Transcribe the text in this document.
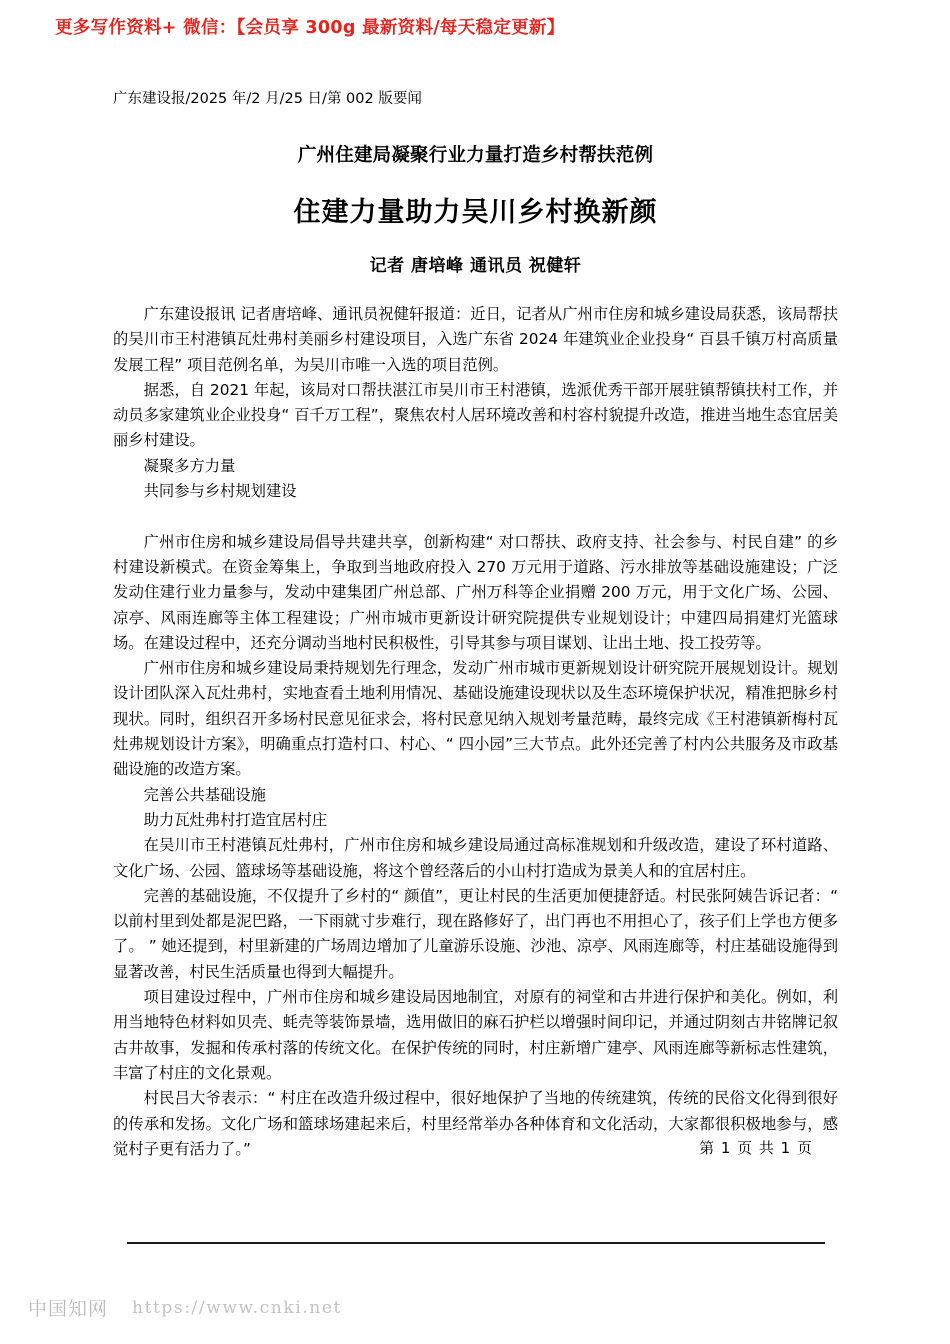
更多写作资料+ 微信：【会员享 300g 最新资料/每天稳定更新】
广东建设报/2025 年/2 月/25 日/第 002 版要闻
广州住建局凝聚行业力量打造乡村帮扶范例
住建力量助力吴川乡村换新颜
记者 唐培峰 通讯员 祝健轩

广东建设报讯 记者唐培峰、通讯员祝健轩报道：近日，记者从广州市住房和城乡建设局获悉，该局帮扶的吴川市王村港镇瓦灶弗村美丽乡村建设项目，入选广东省 2024 年建筑业企业投身“ 百县千镇万村高质量发展工程” 项目范例名单，为吴川市唯一入选的项目范例。

据悉，自 2021 年起，该局对口帮扶湛江市吴川市王村港镇，选派优秀干部开展驻镇帮镇扶村工作，并动员多家建筑业企业投身“ 百千万工程”，聚焦农村人居环境改善和村容村貌提升改造，推进当地生态宜居美丽乡村建设。

凝聚多方力量

共同参与乡村规划建设

广州市住房和城乡建设局倡导共建共享，创新构建“ 对口帮扶、政府支持、社会参与、村民自建” 的乡村建设新模式。在资金筹集上，争取到当地政府投入 270 万元用于道路、污水排放等基础设施建设；广泛发动住建行业力量参与，发动中建集团广州总部、广州万科等企业捐赠 200 万元，用于文化广场、公园、凉亭、风雨连廊等主体工程建设；广州市城市更新设计研究院提供专业规划设计；中建四局捐建灯光篮球场。在建设过程中，还充分调动当地村民积极性，引导其参与项目谋划、让出土地、投工投劳等。

广州市住房和城乡建设局秉持规划先行理念，发动广州市城市更新规划设计研究院开展规划设计。规划设计团队深入瓦灶弗村，实地查看土地利用情况、基础设施建设现状以及生态环境保护状况，精准把脉乡村现状。同时，组织召开多场村民意见征求会，将村民意见纳入规划考量范畴，最终完成《王村港镇新梅村瓦灶弗规划设计方案》，明确重点打造村口、村心、“ 四小园”三大节点。此外还完善了村内公共服务及市政基础设施的改造方案。

完善公共基础设施

助力瓦灶弗村打造宜居村庄

在吴川市王村港镇瓦灶弗村，广州市住房和城乡建设局通过高标准规划和升级改造，建设了环村道路、文化广场、公园、篮球场等基础设施，将这个曾经落后的小山村打造成为景美人和的宜居村庄。

完善的基础设施，不仅提升了乡村的“ 颜值”，更让村民的生活更加便捷舒适。村民张阿姨告诉记者：“ 以前村里到处都是泥巴路，一下雨就寸步难行，现在路修好了，出门再也不用担心了，孩子们上学也方便多了。 ” 她还提到，村里新建的广场周边增加了儿童游乐设施、沙池、凉亭、风雨连廊等，村庄基础设施得到显著改善，村民生活质量也得到大幅提升。

项目建设过程中，广州市住房和城乡建设局因地制宜，对原有的祠堂和古井进行保护和美化。例如，利用当地特色材料如贝壳、蚝壳等装饰景墙，选用做旧的麻石护栏以增强时间印记，并通过阴刻古井铭牌记叙古井故事，发掘和传承村落的传统文化。在保护传统的同时，村庄新增广建亭、风雨连廊等新标志性建筑，丰富了村庄的文化景观。

村民吕大爷表示：“ 村庄在改造升级过程中，很好地保护了当地的传统建筑，传统的民俗文化得到很好的传承和发扬。文化广场和篮球场建起来后，村里经常举办各种体育和文化活动，大家都很积极地参与，感觉村子更有活力了。”	第 1 页 共 1 页
中国知网 https://www.cnki.net
